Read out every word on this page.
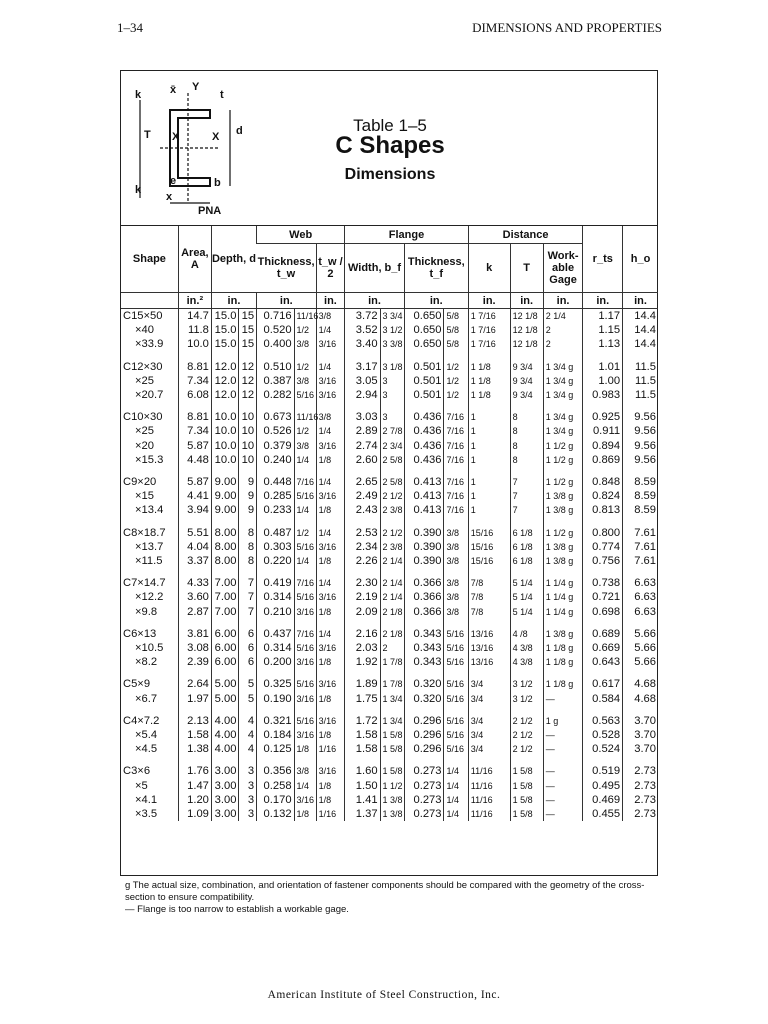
1–34	DIMENSIONS AND PROPERTIES
k	x̄ Y
t
T X	X d
k
e	b
x
PNA
Table 1–5
C Shapes
Dimensions
Shape	Area, A	Depth, d		Web			Flange				Distance			r_ts	h_o
				Thickness, t_w		t_w / 2	Width, b_f		Thickness, t_f		k	T	Work-able Gage		
	in.²	in.		in.		in.	in.		in.		in.	in.	in.	in.	in.
C15×50	14.7	15.0	15	0.716	11/16	3/8	3.72	3 3/4	0.650	5/8	1 7/16	12 1/8	2 1/4	1.17	14.4
×40	11.8	15.0	15	0.520	1/2	1/4	3.52	3 1/2	0.650	5/8	1 7/16	12 1/8	2	1.15	14.4
×33.9	10.0	15.0	15	0.400	3/8	3/16	3.40	3 3/8	0.650	5/8	1 7/16	12 1/8	2	1.13	14.4

C12×30	8.81	12.0	12	0.510	1/2	1/4	3.17	3 1/8	0.501	1/2	1 1/8	9 3/4	1 3/4 g	1.01	11.5
×25	7.34	12.0	12	0.387	3/8	3/16	3.05	3	0.501	1/2	1 1/8	9 3/4	1 3/4 g	1.00	11.5
×20.7	6.08	12.0	12	0.282	5/16	3/16	2.94	3	0.501	1/2	1 1/8	9 3/4	1 3/4 g	0.983	11.5

C10×30	8.81	10.0	10	0.673	11/16	3/8	3.03	3	0.436	7/16	1	8	1 3/4 g	0.925	9.56
×25	7.34	10.0	10	0.526	1/2	1/4	2.89	2 7/8	0.436	7/16	1	8	1 3/4 g	0.911	9.56
×20	5.87	10.0	10	0.379	3/8	3/16	2.74	2 3/4	0.436	7/16	1	8	1 1/2 g	0.894	9.56
×15.3	4.48	10.0	10	0.240	1/4	1/8	2.60	2 5/8	0.436	7/16	1	8	1 1/2 g	0.869	9.56

C9×20	5.87	9.00	9	0.448	7/16	1/4	2.65	2 5/8	0.413	7/16	1	7	1 1/2 g	0.848	8.59
×15	4.41	9.00	9	0.285	5/16	3/16	2.49	2 1/2	0.413	7/16	1	7	1 3/8 g	0.824	8.59
×13.4	3.94	9.00	9	0.233	1/4	1/8	2.43	2 3/8	0.413	7/16	1	7	1 3/8 g	0.813	8.59

C8×18.7	5.51	8.00	8	0.487	1/2	1/4	2.53	2 1/2	0.390	3/8	15/16	6 1/8	1 1/2 g	0.800	7.61
×13.7	4.04	8.00	8	0.303	5/16	3/16	2.34	2 3/8	0.390	3/8	15/16	6 1/8	1 3/8 g	0.774	7.61
×11.5	3.37	8.00	8	0.220	1/4	1/8	2.26	2 1/4	0.390	3/8	15/16	6 1/8	1 3/8 g	0.756	7.61

C7×14.7	4.33	7.00	7	0.419	7/16	1/4	2.30	2 1/4	0.366	3/8	7/8	5 1/4	1 1/4 g	0.738	6.63
×12.2	3.60	7.00	7	0.314	5/16	3/16	2.19	2 1/4	0.366	3/8	7/8	5 1/4	1 1/4 g	0.721	6.63
×9.8	2.87	7.00	7	0.210	3/16	1/8	2.09	2 1/8	0.366	3/8	7/8	5 1/4	1 1/4 g	0.698	6.63

C6×13	3.81	6.00	6	0.437	7/16	1/4	2.16	2 1/8	0.343	5/16	13/16	4 /8	1 3/8 g	0.689	5.66
×10.5	3.08	6.00	6	0.314	5/16	3/16	2.03	2	0.343	5/16	13/16	4 3/8	1 1/8 g	0.669	5.66
×8.2	2.39	6.00	6	0.200	3/16	1/8	1.92	1 7/8	0.343	5/16	13/16	4 3/8	1 1/8 g	0.643	5.66

C5×9	2.64	5.00	5	0.325	5/16	3/16	1.89	1 7/8	0.320	5/16	3/4	3 1/2	1 1/8 g	0.617	4.68
×6.7	1.97	5.00	5	0.190	3/16	1/8	1.75	1 3/4	0.320	5/16	3/4	3 1/2	—	0.584	4.68

C4×7.2	2.13	4.00	4	0.321	5/16	3/16	1.72	1 3/4	0.296	5/16	3/4	2 1/2	1 g	0.563	3.70
×5.4	1.58	4.00	4	0.184	3/16	1/8	1.58	1 5/8	0.296	5/16	3/4	2 1/2	—	0.528	3.70
×4.5	1.38	4.00	4	0.125	1/8	1/16	1.58	1 5/8	0.296	5/16	3/4	2 1/2	—	0.524	3.70

C3×6	1.76	3.00	3	0.356	3/8	3/16	1.60	1 5/8	0.273	1/4	11/16	1 5/8	—	0.519	2.73
×5	1.47	3.00	3	0.258	1/4	1/8	1.50	1 1/2	0.273	1/4	11/16	1 5/8	—	0.495	2.73
×4.1	1.20	3.00	3	0.170	3/16	1/8	1.41	1 3/8	0.273	1/4	11/16	1 5/8	—	0.469	2.73
×3.5	1.09	3.00	3	0.132	1/8	1/16	1.37	1 3/8	0.273	1/4	11/16	1 5/8	—	0.455	2.73
g The actual size, combination, and orientation of fastener components should be compared with the geometry of the cross-section to ensure compatibility.
— Flange is too narrow to establish a workable gage.
American Institute of Steel Construction, Inc.
